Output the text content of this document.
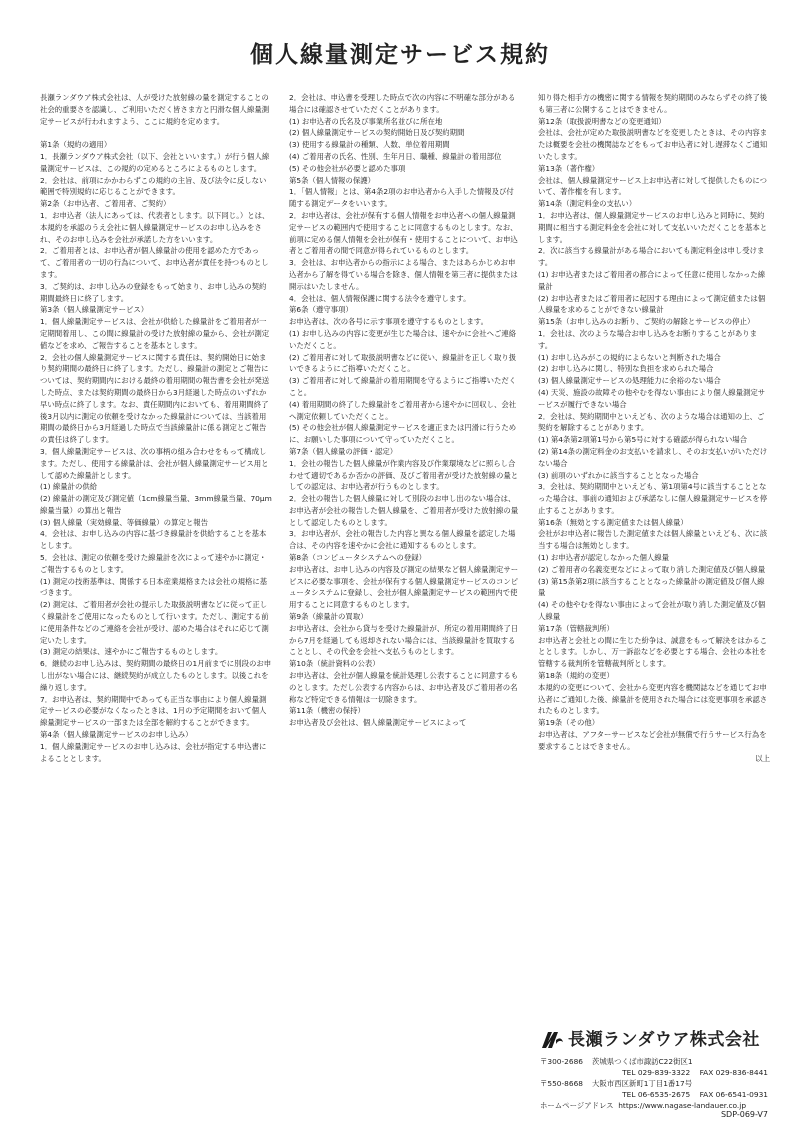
個人線量測定サービス規約

長瀬ランダウア株式会社は、人が受けた放射線の量を測定することの社会的重要さを認識し、ご利用いただく皆さま方と円滑な個人線量測定サービスが行われますよう、ここに規約を定めます。

第1条（規約の適用）
1．長瀬ランダウア株式会社（以下、会社といいます。）が行う個人線量測定サービスは、この規約の定めるところによるものとします。
2．会社は、前項にかかわらずこの規約の主旨、及び法令に反しない範囲で特別規約に応じることができます。
第2条（お申込者、ご着用者、ご契約）
1．お申込者（法人にあっては、代表者とします。以下同じ。）とは、本規約を承認のうえ会社に個人線量測定サービスのお申し込みをされ、そのお申し込みを会社が承諾した方をいいます。
2．ご着用者とは、お申込者が個人線量計の使用を認めた方であって、ご着用者の一切の行為について、お申込者が責任を持つものとします。
3．ご契約は、お申し込みの登録をもって始まり、お申し込みの契約期間最終日に終了します。
第3条（個人線量測定サービス）
1．個人線量測定サービスは、会社が供給した線量計をご着用者が一定期間着用し、この間に線量計の受けた放射線の量から、会社が測定値などを求め、ご報告することを基本とします。
2．会社の個人線量測定サービスに関する責任は、契約開始日に始まり契約期間の最終日に終了します。ただし、線量計の測定とご報告については、契約期間内における最終の着用期間の報告書を会社が発送した時点、または契約期間の最終日から3月経過した時点のいずれか早い時点に終了します。なお、責任期間内においても、着用期間終了後3月以内に測定の依頼を受けなかった線量計については、当該着用期間の最終日から3月経過した時点で当該線量計に係る測定とご報告の責任は終了します。
3．個人線量測定サービスは、次の事柄の組み合わせをもって構成します。ただし、使用する線量計は、会社が個人線量測定サービス用として認めた線量計とします。
(1) 線量計の供給
(2) 線量計の測定及び測定値（1cm線量当量、3mm線量当量、70μm線量当量）の算出と報告
(3) 個人線量（実効線量、等価線量）の算定と報告
4．会社は、お申し込みの内容に基づき線量計を供給することを基本とします。
5．会社は、測定の依頼を受けた線量計を次によって速やかに測定・ご報告するものとします。
(1) 測定の技術基準は、関係する日本産業規格または会社の規格に基づきます。
(2) 測定は、ご着用者が会社の提示した取扱説明書などに従って正しく線量計をご使用になったものとして行います。ただし、測定する前に使用条件などのご連絡を会社が受け、認めた場合はそれに応じて測定いたします。
(3) 測定の結果は、速やかにご報告するものとします。
6．継続のお申し込みは、契約期間の最終日の1月前までに別段のお申し出がない場合には、継続契約が成立したものとします。以後これを繰り返します。
7．お申込者は、契約期間中であっても正当な事由により個人線量測定サービスの必要がなくなったときは、1月の予定期間をおいて個人線量測定サービスの一部または全部を解約することができます。
第4条（個人線量測定サービスのお申し込み）
1．個人線量測定サービスのお申し込みは、会社が指定する申込書によることとします。

2．会社は、申込書を受理した時点で次の内容に不明確な部分がある場合には確認させていただくことがあります。
(1) お申込者の氏名及び事業所名並びに所在地
(2) 個人線量測定サービスの契約開始日及び契約期間
(3) 使用する線量計の種類、人数、単位着用期間
(4) ご着用者の氏名、性別、生年月日、職種、線量計の着用部位
(5) その他会社が必要と認めた事項
第5条（個人情報の保護）
1．「個人情報」とは、第4条2項のお申込者から入手した情報及び付随する測定データをいいます。
2．お申込者は、会社が保有する個人情報をお申込者への個人線量測定サービスの範囲内で使用することに同意するものとします。なお、前項に定める個人情報を会社が保有・使用することについて、お申込者とご着用者の間で同意が得られているものとします。
3．会社は、お申込者からの指示による場合、またはあらかじめお申込者から了解を得ている場合を除き、個人情報を第三者に提供または開示はいたしません。
4．会社は、個人情報保護に関する法令を遵守します。
第6条（遵守事項）
お申込者は、次の各号に示す事項を遵守するものとします。
(1) お申し込みの内容に変更が生じた場合は、速やかに会社へご連絡いただくこと。
(2) ご着用者に対して取扱説明書などに従い、線量計を正しく取り扱いできるようにご指導いただくこと。
(3) ご着用者に対して線量計の着用期間を守るようにご指導いただくこと。
(4) 着用期間の終了した線量計をご着用者から速やかに回収し、会社へ測定依頼していただくこと。
(5) その他会社が個人線量測定サービスを適正または円滑に行うために、お願いした事項について守っていただくこと。
第7条（個人線量の評価・認定）
1．会社の報告した個人線量が作業内容及び作業環境などに照らし合わせて適切であるか否かの評価、及びご着用者が受けた放射線の量としての認定は、お申込者が行うものとします。
2．会社の報告した個人線量に対して別段のお申し出のない場合は、お申込者が会社の報告した個人線量を、ご着用者が受けた放射線の量として認定したものとします。
3．お申込者が、会社の報告した内容と異なる個人線量を認定した場合は、その内容を速やかに会社に通知するものとします。
第8条（コンピュータシステムへの登録）
お申込者は、お申し込みの内容及び測定の結果など個人線量測定サービスに必要な事項を、会社が保有する個人線量測定サービスのコンピュータシステムに登録し、会社が個人線量測定サービスの範囲内で使用することに同意するものとします。
第9条（線量計の買取）
お申込者は、会社から貸与を受けた線量計が、所定の着用期間終了日から7月を経過しても返却されない場合には、当該線量計を買取することとし、その代金を会社へ支払うものとします。
第10条（統計資料の公表）
お申込者は、会社が個人線量を統計処理し公表することに同意するものとします。ただし公表する内容からは、お申込者及びご着用者の名称など特定できる情報は一切除きます。
第11条（機密の保持）
お申込者及び会社は、個人線量測定サービスによって

知り得た相手方の機密に関する情報を契約期間のみならずその終了後も第三者に公開することはできません。
第12条（取扱説明書などの変更通知）
会社は、会社が定めた取扱説明書などを変更したときは、その内容または概要を会社の機関誌などをもってお申込者に対し遅滞なくご通知いたします。
第13条（著作権）
会社は、個人線量測定サービス上お申込者に対して提供したものについて、著作権を有します。
第14条（測定料金の支払い）
1．お申込者は、個人線量測定サービスのお申し込みと同時に、契約期間に相当する測定料金を会社に対して支払いいただくことを基本とします。
2．次に該当する線量計がある場合においても測定料金は申し受けます。
(1) お申込者またはご着用者の都合によって任意に使用しなかった線量計
(2) お申込者またはご着用者に起因する理由によって測定値または個人線量を求めることができない線量計
第15条（お申し込みのお断り、ご契約の解除とサービスの停止）
1．会社は、次のような場合お申し込みをお断りすることがあります。
(1) お申し込みがこの規約によらないと判断された場合
(2) お申し込みに関し、特別な負担を求められた場合
(3) 個人線量測定サービスの処理能力に余裕のない場合
(4) 天災、施設の故障その他やむを得ない事由により個人線量測定サービスが履行できない場合
2．会社は、契約期間中といえども、次のような場合は通知の上、ご契約を解除することがあります。
(1) 第4条第2項第1号から第5号に対する確認が得られない場合
(2) 第14条の測定料金のお支払いを請求し、そのお支払いがいただけない場合
(3) 前項のいずれかに該当することとなった場合
3．会社は、契約期間中といえども、第1項第4号に該当することとなった場合は、事前の通知および承諾なしに個人線量測定サービスを停止することがあります。
第16条（無効とする測定値または個人線量）
会社がお申込者に報告した測定値または個人線量といえども、次に該当する場合は無効とします。
(1) お申込者が認定しなかった個人線量
(2) ご着用者の名義変更などによって取り消した測定値及び個人線量
(3) 第15条第2項に該当することとなった線量計の測定値及び個人線量
(4) その他やむを得ない事由によって会社が取り消した測定値及び個人線量
第17条（管轄裁判所）
お申込者と会社との間に生じた紛争は、誠意をもって解決をはかることとします。しかし、万一訴訟などを必要とする場合、会社の本社を管轄する裁判所を管轄裁判所とします。
第18条（規約の変更）
本規約の変更について、会社から変更内容を機関誌などを通じてお申込者にご通知した後、線量計を使用された場合には変更事項を承認されたものとします。
第19条（その他）
お申込者は、アフターサービスなど会社が無償で行うサービス行為を要求することはできません。

以上

長瀬ランダウア株式会社
〒300-2686	茨城県つくば市諏訪C22街区1
TEL 029-839-3322 FAX 029-836-8441
〒550-8668	大阪市西区新町1丁目1番17号
TEL 06-6535-2675 FAX 06-6541-0931
ホームページアドレス https://www.nagase-landauer.co.jp
SDP-069-V7
